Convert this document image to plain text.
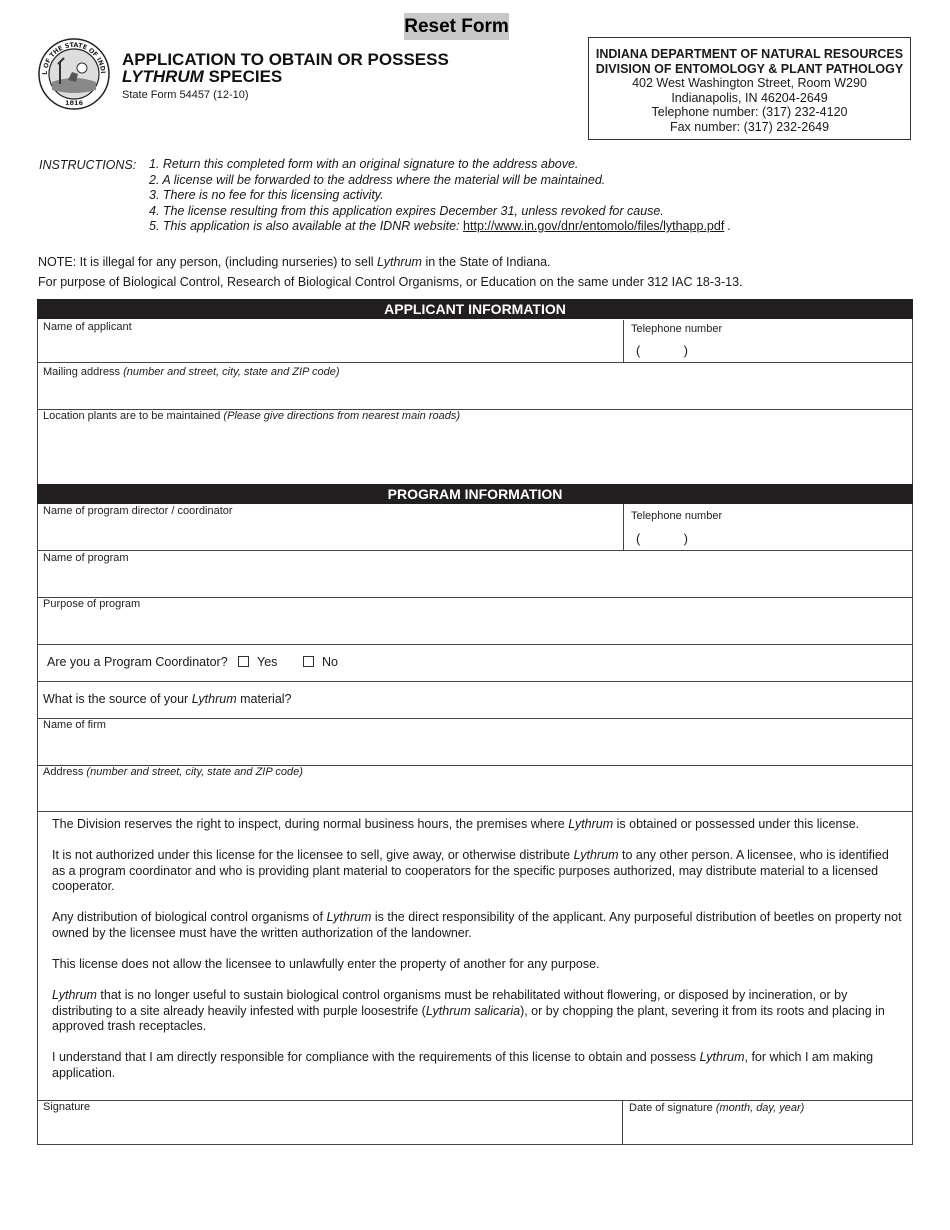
Reset Form
L OF THE STATE OF INDI
1816
APPLICATION TO OBTAIN OR POSSESS
LYTHRUM SPECIES
State Form 54457 (12-10)
INDIANA DEPARTMENT OF NATURAL RESOURCES
DIVISION OF ENTOMOLOGY & PLANT PATHOLOGY
402 West Washington Street, Room W290
Indianapolis, IN 46204-2649
Telephone number: (317) 232-4120
Fax number: (317) 232-2649
INSTRUCTIONS: 1. Return this completed form with an original signature to the address above.
2. A license will be forwarded to the address where the material will be maintained.
3. There is no fee for this licensing activity.
4. The license resulting from this application expires December 31, unless revoked for cause.
5. This application is also available at the IDNR website: http://www.in.gov/dnr/entomolo/files/lythapp.pdf .
NOTE: It is illegal for any person, (including nurseries) to sell Lythrum in the State of Indiana.
For purpose of Biological Control, Research of Biological Control Organisms, or Education on the same under 312 IAC 18-3-13.
APPLICANT INFORMATION
Name of applicant	Telephone number
(            )
Mailing address (number and street, city, state and ZIP code)
Location plants are to be maintained (Please give directions from nearest main roads)
PROGRAM INFORMATION
Name of program director / coordinator	Telephone number
(            )
Name of program
Purpose of program
Are you a Program Coordinator? Yes	No
What is the source of your Lythrum material?
Name of firm
Address (number and street, city, state and ZIP code)

The Division reserves the right to inspect, during normal business hours, the premises where Lythrum is obtained or possessed under this license.

It is not authorized under this license for the licensee to sell, give away, or otherwise distribute Lythrum to any other person. A licensee, who is identified as a program coordinator and who is providing plant material to cooperators for the specific purposes authorized, may distribute material to a licensed cooperator.

Any distribution of biological control organisms of Lythrum is the direct responsibility of the applicant. Any purposeful distribution of beetles on property not owned by the licensee must have the written authorization of the landowner.

This license does not allow the licensee to unlawfully enter the property of another for any purpose.

Lythrum that is no longer useful to sustain biological control organisms must be rehabilitated without flowering, or disposed by incineration, or by distributing to a site already heavily infested with purple loosestrife (Lythrum salicaria), or by chopping the plant, severing it from its roots and placing in approved trash receptacles.

I understand that I am directly responsible for compliance with the requirements of this license to obtain and possess Lythrum, for which I am making application.

Signature	Date of signature (month, day, year)
